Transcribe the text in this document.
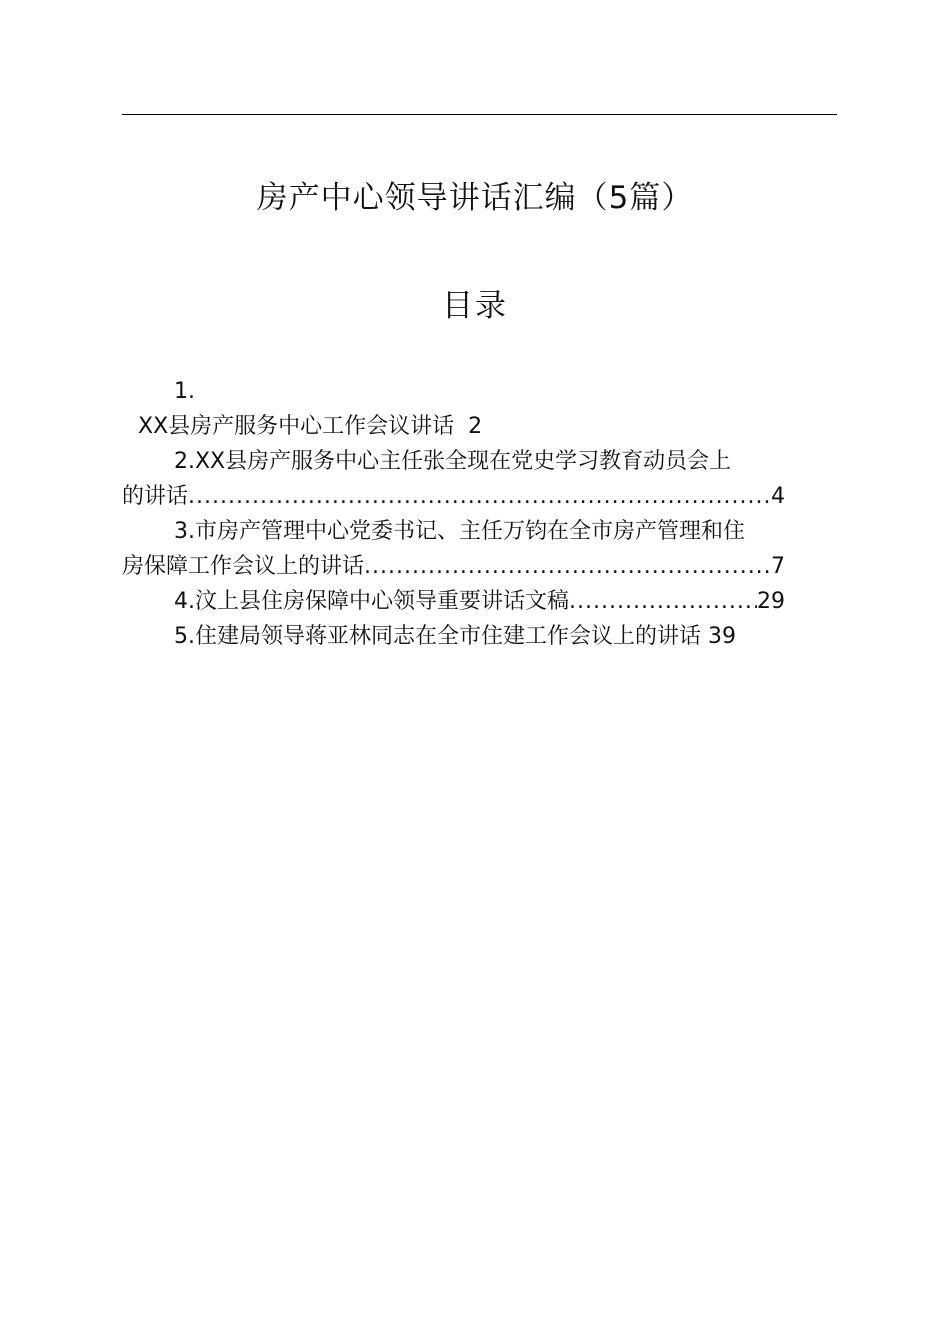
房产中心领导讲话汇编（5篇）
目录
1.
XX县房产服务中心工作会议讲话 2
2.XX县房产服务中心主任张全现在党史学习教育动员会上
的讲话 .....	4
3.市房产管理中心党委书记、主任万钧在全市房产管理和住
房保障工作会议上的讲话 .....	7
4.汶上县住房保障中心领导重要讲话文稿 .....	29
5.住建局领导蒋亚林同志在全市住建工作会议上的讲话 39
